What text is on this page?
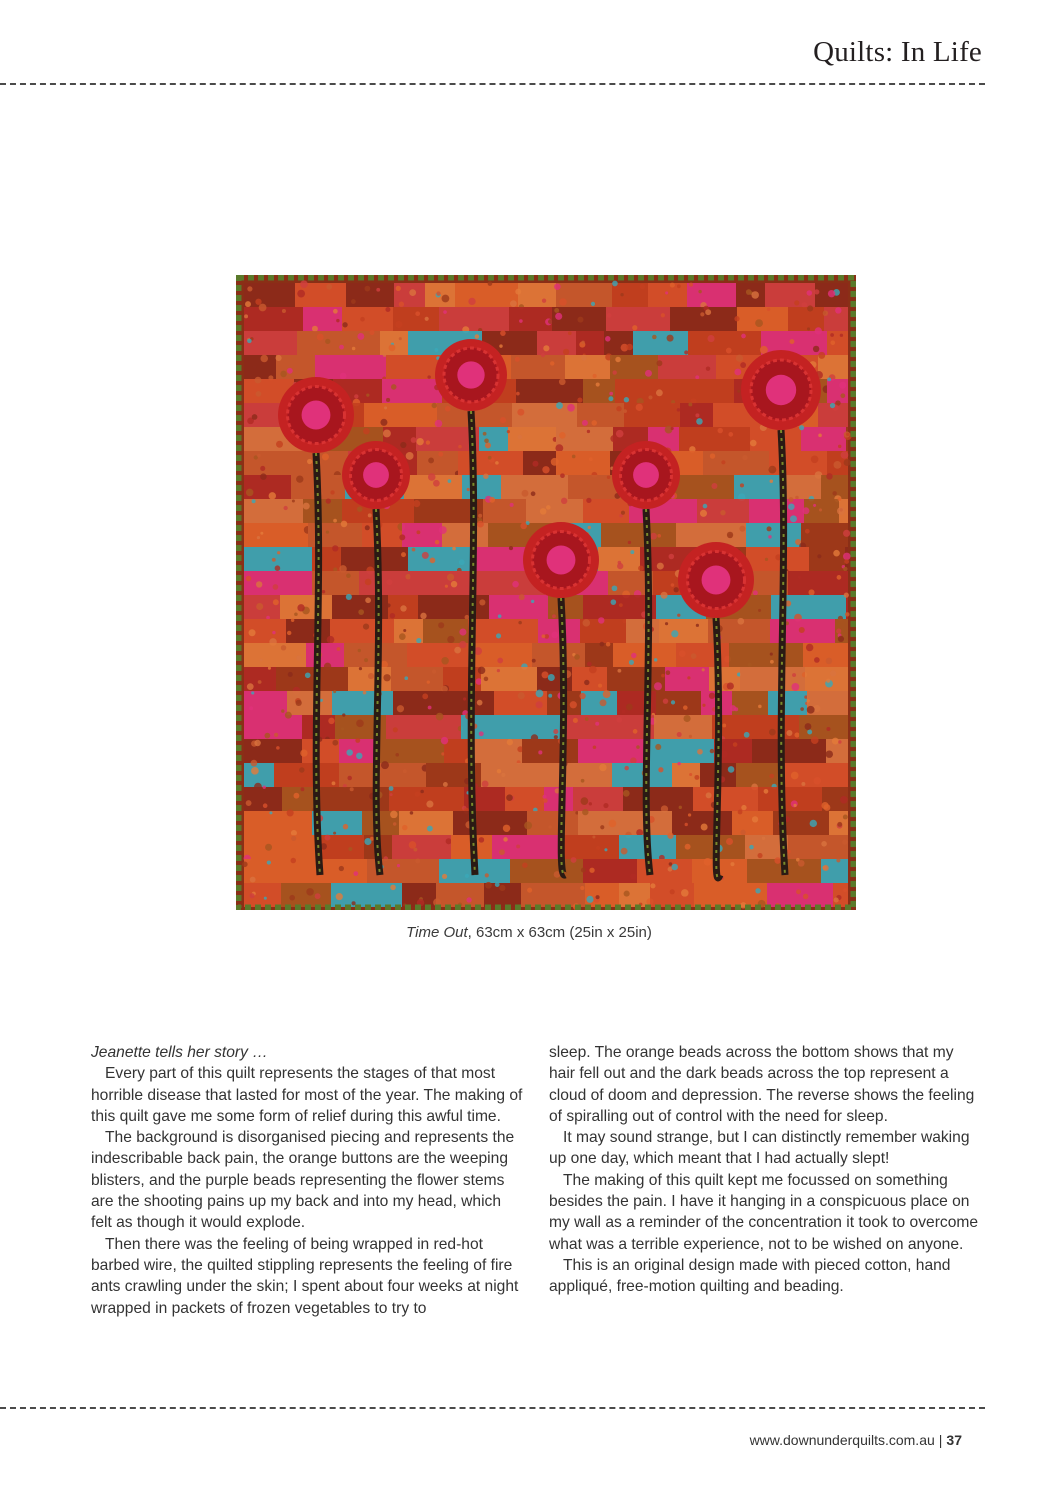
Quilts: In Life
Time Out, 63cm x 63cm (25in x 25in)

Jeanette tells her story …

Every part of this quilt represents the stages of that most horrible disease that lasted for most of the year. The making of this quilt gave me some form of relief during this awful time.

The background is disorganised piecing and represents the indescribable back pain, the orange buttons are the weeping blisters, and the purple beads representing the flower stems are the shooting pains up my back and into my head, which felt as though it would explode.

Then there was the feeling of being wrapped in red-hot barbed wire, the quilted stippling represents the feeling of fire ants crawling under the skin; I spent about four weeks at night wrapped in packets of frozen vegetables to try to

sleep. The orange beads across the bottom shows that my hair fell out and the dark beads across the top represent a cloud of doom and depression. The reverse shows the feeling of spiralling out of control with the need for sleep.

It may sound strange, but I can distinctly remember waking up one day, which meant that I had actually slept!

The making of this quilt kept me focussed on something besides the pain. I have it hanging in a conspicuous place on my wall as a reminder of the concentration it took to overcome what was a terrible experience, not to be wished on anyone.

This is an original design made with pieced cotton, hand appliqué, free-motion quilting and beading.

www.downunderquilts.com.au | 37
